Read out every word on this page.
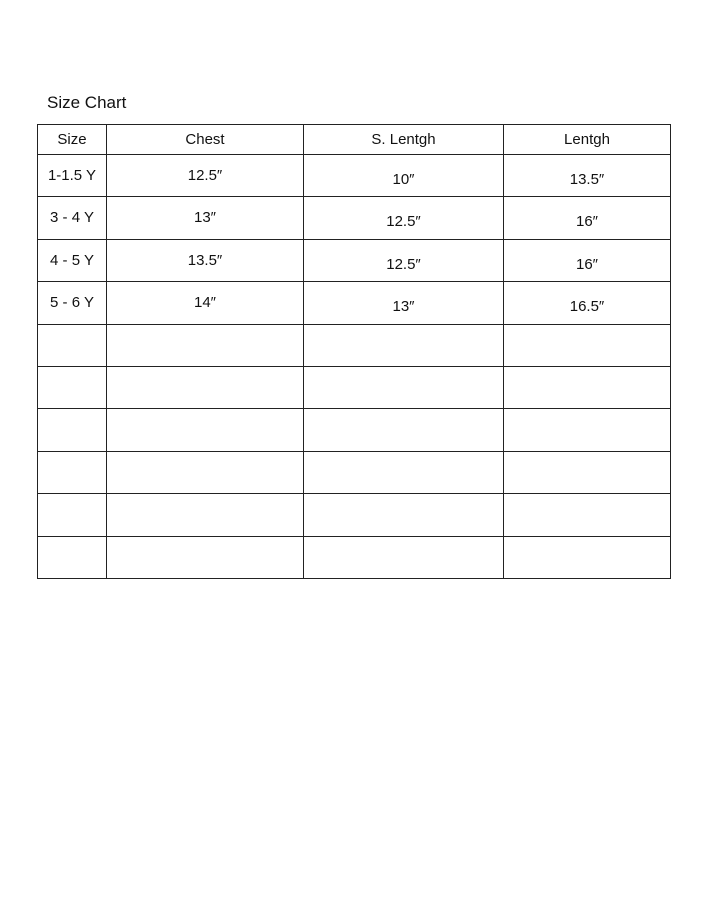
Size Chart
Size	Chest	S. Lentgh	Lentgh

1-1.5 Y	12.5″	10″	13.5″

3 - 4 Y	13″	12.5″	16″

4 - 5 Y	13.5″	12.5″	16″

5 - 6 Y	14″	13″	16.5″
